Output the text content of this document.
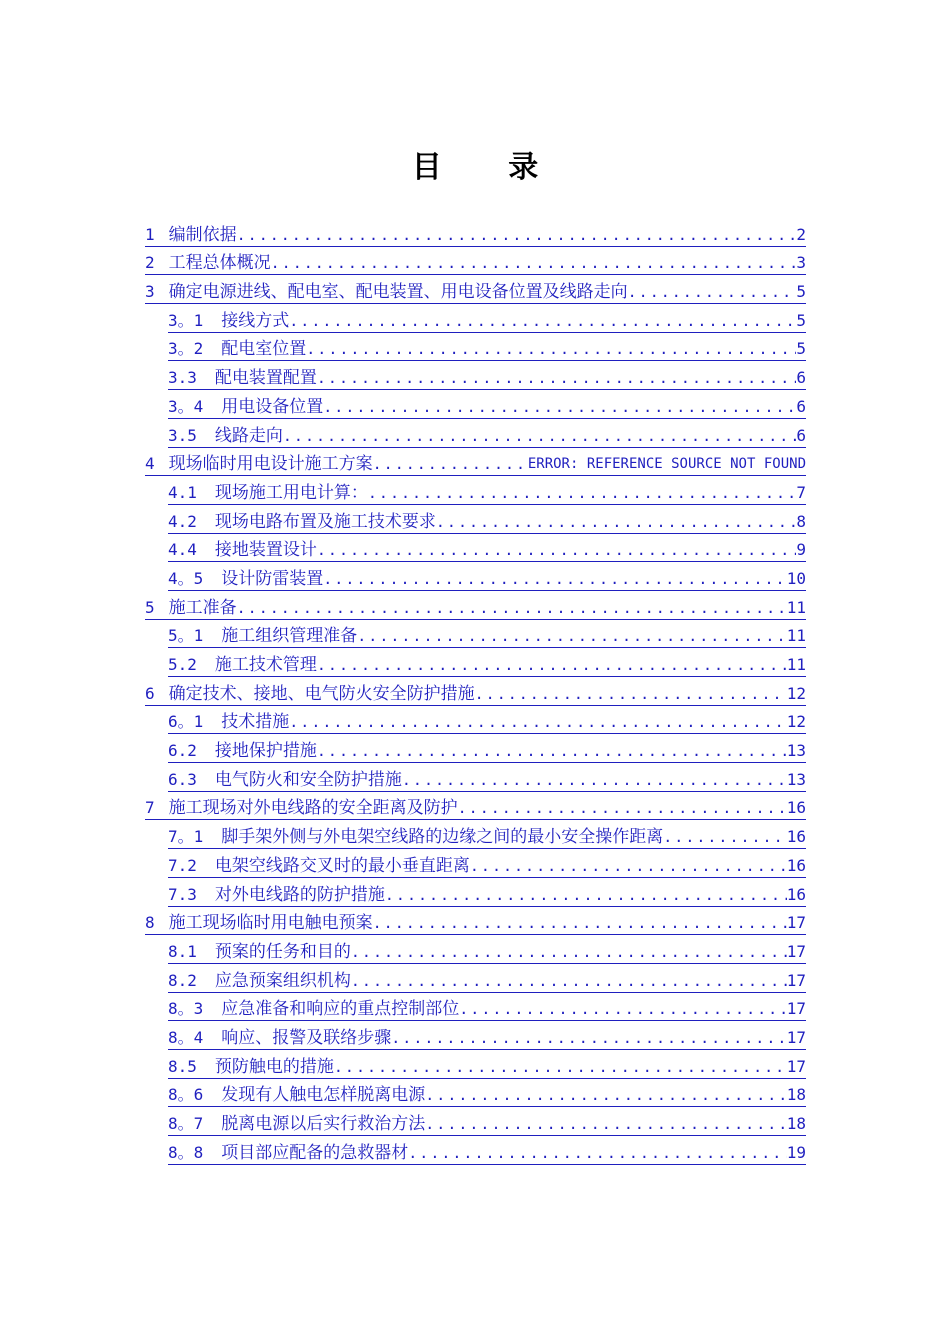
目 录
1 编制依据 .....	2
2 工程总体概况 .....	3
3 确定电源进线、配电室、配电装置、用电设备位置及线路走向 .....	5
3。1 接线方式 .....	5
3。2 配电室位置 .....	5
3.3 配电装置配置 .....	6
3。4 用电设备位置 .....	6
3.5 线路走向 .....	6
4 现场临时用电设计施工方案 .....	ERROR: REFERENCE SOURCE NOT FOUND
4.1 现场施工用电计算： .....	7
4.2 现场电路布置及施工技术要求 .....	8
4.4 接地装置设计 .....	9
4。5 设计防雷装置 .....	10
5 施工准备 .....	11
5。1 施工组织管理准备 .....	11
5.2 施工技术管理 .....	11
6 确定技术、接地、电气防火安全防护措施 .....	12
6。1 技术措施 .....	12
6.2 接地保护措施 .....	13
6.3 电气防火和安全防护措施 .....	13
7 施工现场对外电线路的安全距离及防护 .....	16
7。1 脚手架外侧与外电架空线路的边缘之间的最小安全操作距离 .....	16
7.2 电架空线路交叉时的最小垂直距离 .....	16
7.3 对外电线路的防护措施 .....	16
8 施工现场临时用电触电预案 .....	17
8.1 预案的任务和目的 .....	17
8.2 应急预案组织机构 .....	17
8。3 应急准备和响应的重点控制部位 .....	17
8。4 响应、报警及联络步骤 .....	17
8.5 预防触电的措施 .....	17
8。6 发现有人触电怎样脱离电源 .....	18
8。7 脱离电源以后实行救治方法 .....	18
8。8 项目部应配备的急救器材 .....	19
